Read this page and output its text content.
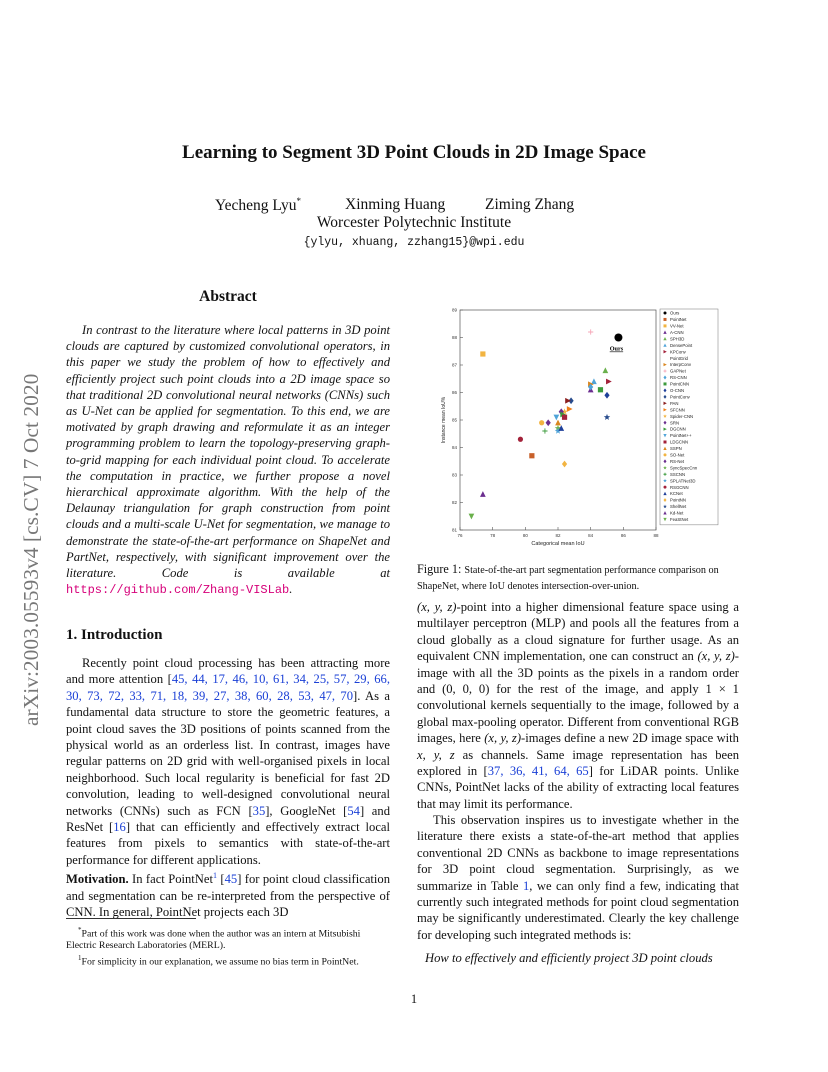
arXiv:2003.05593v4 [cs.CV] 7 Oct 2020
Learning to Segment 3D Point Clouds in 2D Image Space
Yecheng Lyu*	Xinming Huang	Ziming Zhang
Worcester Polytechnic Institute
{ylyu, xhuang, zzhang15}@wpi.edu
Abstract
In contrast to the literature where local patterns in 3D point clouds are captured by customized convolutional operators, in this paper we study the problem of how to effectively and efficiently project such point clouds into a 2D image space so that traditional 2D convolutional neural networks (CNNs) such as U-Net can be applied for segmentation. To this end, we are motivated by graph drawing and reformulate it as an integer programming problem to learn the topology-preserving graph-to-grid mapping for each individual point cloud. To accelerate the computation in practice, we further propose a novel hierarchical approximate algorithm. With the help of the Delaunay triangulation for graph construction from point clouds and a multi-scale U-Net for segmentation, we manage to demonstrate the state-of-the-art performance on ShapeNet and PartNet, respectively, with significant improvement over the literature. Code is available at https://github.com/Zhang-VISLab.
1. Introduction
Recently point cloud processing has been attracting more and more attention [45, 44, 17, 46, 10, 61, 34, 25, 57, 29, 66, 30, 73, 72, 33, 71, 18, 39, 27, 38, 60, 28, 53, 47, 70]. As a fundamental data structure to store the geometric features, a point cloud saves the 3D positions of points scanned from the physical world as an orderless list. In contrast, images have regular patterns on 2D grid with well-organised pixels in local neighborhood. Such local regularity is beneficial for fast 2D convolution, leading to well-designed convolutional neural networks (CNNs) such as FCN [35], GoogleNet [54] and ResNet [16] that can efficiently and effectively extract local features from pixels to semantics with state-of-the-art performance for different applications.
Motivation. In fact PointNet$^1$ [45] for point cloud classification and segmentation can be re-interpreted from the perspective of CNN. In general, PointNet projects each 3D
*Part of this work was done when the author was an intern at Mitsubishi Electric Research Laboratories (MERL).
$^1$For simplicity in our explanation, we assume no bias term in PointNet.
76	78	80	82	84	86	88
81
82
83
84
85
86
87
88
89
Categorical mean IoU
Instance mean IoU%
Ours
Ours
PointNet
VV-Net
A-CNN
SPH3D
DensePoint
KPConv
PointGrid
InterpConv
GAPNet
RS-CNN
PointCNN
O-CNN
PointConv
PAN
SFCNN
Spider-CNN
SRN
DGCNN
PointNet++
LDGCNN
SSPN
SO-Net
RS-Net
SyncSpecCnn
SSCNN
SPLATNet3D
RSGCNN
KCNet
PointNN
ShellNet
Kd-Net
FeaStNet
Figure 1: State-of-the-art part segmentation performance comparison on ShapeNet, where IoU denotes intersection-over-union.
(x, y, z)-point into a higher dimensional feature space using a multilayer perceptron (MLP) and pools all the features from a cloud globally as a cloud signature for further usage. As an equivalent CNN implementation, one can construct an (x, y, z)-image with all the 3D points as the pixels in a random order and (0, 0, 0) for the rest of the image, and apply 1 × 1 convolutional kernels sequentially to the image, followed by a global max-pooling operator. Different from conventional RGB images, here (x, y, z)-images define a new 2D image space with x, y, z as channels. Same image representation has been explored in [37, 36, 41, 64, 65] for LiDAR points. Unlike CNNs, PointNet lacks of the ability of extracting local features that may limit its performance.
This observation inspires us to investigate whether in the literature there exists a state-of-the-art method that applies conventional 2D CNNs as backbone to image representations for 3D point cloud segmentation. Surprisingly, as we summarize in Table 1, we can only find a few, indicating that currently such integrated methods for point cloud segmentation may be significantly underestimated. Clearly the key challenge for developing such integrated methods is:
How to effectively and efficiently project 3D point clouds
1
